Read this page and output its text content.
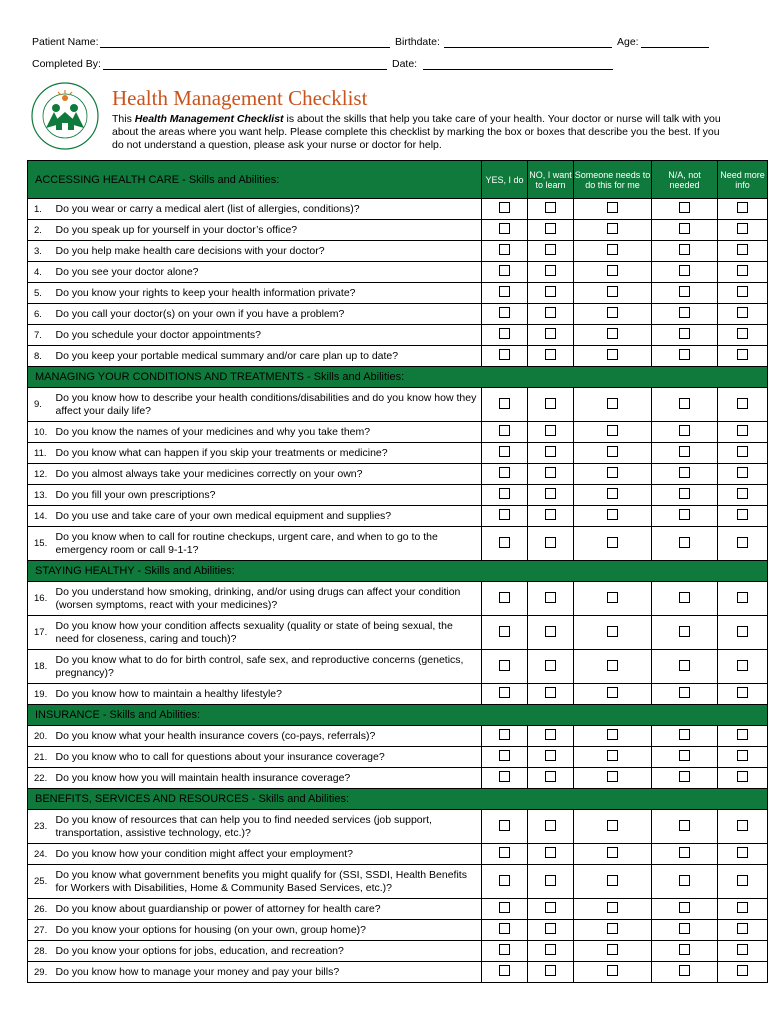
Patient Name:	Birthdate:	Age:
Completed By:	Date:
Health Management Checklist
This Health Management Checklist is about the skills that help you take care of your health. Your doctor or nurse will talk with you about the areas where you want help. Please complete this checklist by marking the box or boxes that describe you the best. If you do not understand a question, please ask your nurse or doctor for help.
ACCESSING HEALTH CARE - Skills and Abilities:		YES, I do	NO, I want to learn	Someone needs to do this for me	N/A, not needed	Need more info
1.	Do you wear or carry a medical alert (list of allergies, conditions)?					
2.	Do you speak up for yourself in your doctor’s office?					
3.	Do you help make health care decisions with your doctor?					
4.	Do you see your doctor alone?					
5.	Do you know your rights to keep your health information private?					
6.	Do you call your doctor(s) on your own if you have a problem?					
7.	Do you schedule your doctor appointments?					
8.	Do you keep your portable medical summary and/or care plan up to date?					
MANAGING YOUR CONDITIONS AND TREATMENTS - Skills and Abilities:						
9.	Do you know how to describe your health conditions/disabilities and do you know how they affect your daily life?					
10.	Do you know the names of your medicines and why you take them?					
11.	Do you know what can happen if you skip your treatments or medicine?					
12.	Do you almost always take your medicines correctly on your own?					
13.	Do you fill your own prescriptions?					
14.	Do you use and take care of your own medical equipment and supplies?					
15.	Do you know when to call for routine checkups, urgent care, and when to go to the emergency room or call 9-1-1?					
STAYING HEALTHY - Skills and Abilities:						
16.	Do you understand how smoking, drinking, and/or using drugs can affect your condition (worsen symptoms, react with your medicines)?					
17.	Do you know how your condition affects sexuality (quality or state of being sexual, the need for closeness, caring and touch)?					
18.	Do you know what to do for birth control, safe sex, and reproductive concerns (genetics, pregnancy)?					
19.	Do you know how to maintain a healthy lifestyle?					
INSURANCE - Skills and Abilities:						
20.	Do you know what your health insurance covers (co-pays, referrals)?					
21.	Do you know who to call for questions about your insurance coverage?					
22.	Do you know how you will maintain health insurance coverage?					
BENEFITS, SERVICES AND RESOURCES - Skills and Abilities:						
23.	Do you know of resources that can help you to find needed services (job support, transportation, assistive technology, etc.)?					
24.	Do you know how your condition might affect your employment?					
25.	Do you know what government benefits you might qualify for (SSI, SSDI, Health Benefits for Workers with Disabilities, Home & Community Based Services, etc.)?					
26.	Do you know about guardianship or power of attorney for health care?					
27.	Do you know your options for housing (on your own, group home)?					
28.	Do you know your options for jobs, education, and recreation?					
29.	Do you know how to manage your money and pay your bills?					
